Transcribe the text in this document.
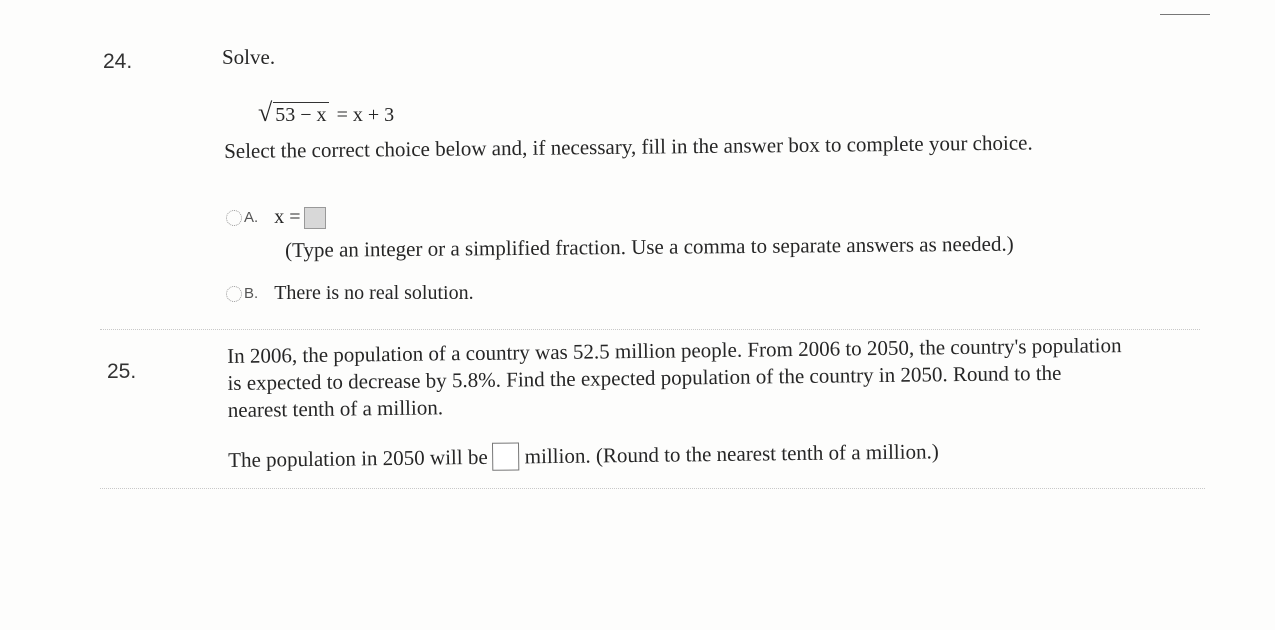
24.	Solve.
√ 53 − x = x + 3
Select the correct choice below and, if necessary, fill in the answer box to complete your choice.
A. x =
(Type an integer or a simplified fraction. Use a comma to separate answers as needed.)
B. There is no real solution.
25.
In 2006, the population of a country was 52.5 million people. From 2006 to 2050, the country's population
is expected to decrease by 5.8%. Find the expected population of the country in 2050. Round to the
nearest tenth of a million.
The population in 2050 will be million. (Round to the nearest tenth of a million.)
